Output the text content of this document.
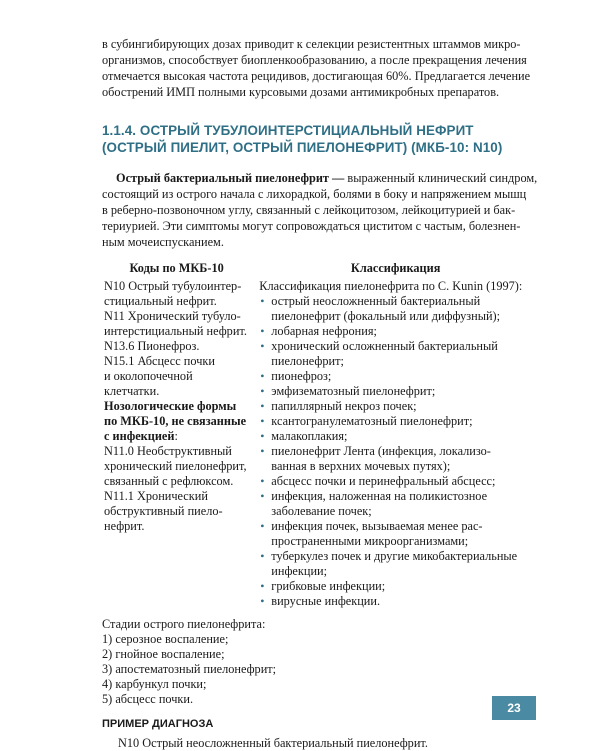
в субингибирующих дозах приводит к селекции резистентных штаммов микро-
организмов, способствует биопленкообразованию, а после прекращения лечения
отмечается высокая частота рецидивов, достигающая 60%. Предлагается лечение
обострений ИМП полными курсовыми дозами антимикробных препаратов.

1.1.4. ОСТРЫЙ ТУБУЛОИНТЕРСТИЦИАЛЬНЫЙ НЕФРИТ
(ОСТРЫЙ ПИЕЛИТ, ОСТРЫЙ ПИЕЛОНЕФРИТ) (МКБ-10: N10)

Острый бактериальный пиелонефрит — выраженный клинический синдром,
состоящий из острого начала с лихорадкой, болями в боку и напряжением мышц
в реберно-позвоночном углу, связанный с лейкоцитозом, лейкоцитурией и бак-
териурией. Эти симптомы могут сопровождаться циститом с частым, болезнен-
ным мочеиспусканием.

Коды по МКБ-10
N10 Острый тубулоинтер-
стициальный нефрит.
N11 Хронический тубуло-
интерстициальный нефрит.
N13.6 Пионефроз.
N15.1 Абсцесс почки
и околопочечной
клетчатки.
Нозологические формы
по МКБ-10, не связанные
с инфекцией:
N11.0 Необструктивный
хронический пиелонефрит,
связанный с рефлюксом.
N11.1 Хронический
обструктивный пиело-
нефрит.
Классификация
Классификация пиелонефрита по C. Kunin (1997):
• острый неосложненный бактериальный
пиелонефрит (фокальный или диффузный);
• лобарная нефрония;
• хронический осложненный бактериальный
пиелонефрит;
• пионефроз;
• эмфизематозный пиелонефрит;
• папиллярный некроз почек;
• ксантогранулематозный пиелонефрит;
• малакоплакия;
• пиелонефрит Лента (инфекция, локализо-
ванная в верхних мочевых путях);
• абсцесс почки и перинефральный абсцесс;
• инфекция, наложенная на поликистозное
заболевание почек;
• инфекция почек, вызываемая менее рас-
пространенными микроорганизмами;
• туберкулез почек и другие микобактериальные
инфекции;
• грибковые инфекции;
• вирусные инфекции.
Стадии острого пиелонефрита:
1) серозное воспаление;
2) гнойное воспаление;
3) апостематозный пиелонефрит;
4) карбункул почки;
5) абсцесс почки.
ПРИМЕР ДИАГНОЗА
N10 Острый неосложненный бактериальный пиелонефрит.
23
